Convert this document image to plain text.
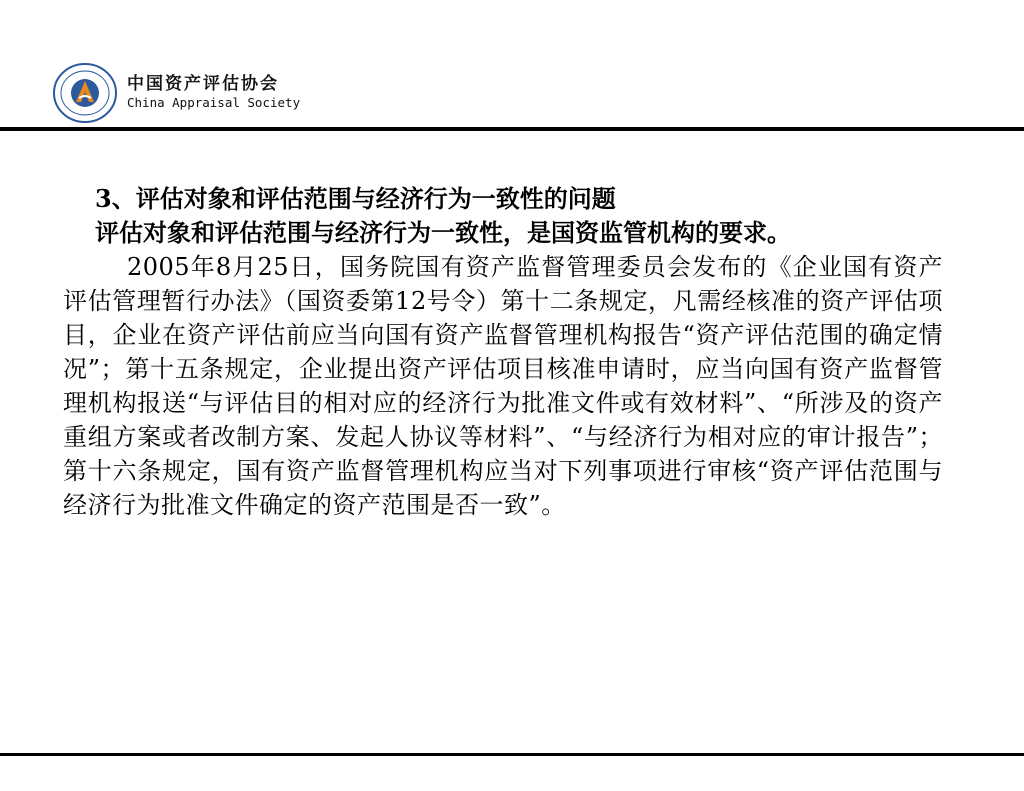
中国资产评估协会
China Appraisal Society

3、评估对象和评估范围与经济行为一致性的问题

评估对象和评估范围与经济行为一致性，是国资监管机构的要求。

2005年8月25日，国务院国有资产监督管理委员会发布的《企业国有资产评估管理暂行办法》（国资委第12号令）第十二条规定，凡需经核准的资产评估项目，企业在资产评估前应当向国有资产监督管理机构报告“资产评估范围的确定情况”；第十五条规定，企业提出资产评估项目核准申请时，应当向国有资产监督管理机构报送“与评估目的相对应的经济行为批准文件或有效材料”、“所涉及的资产重组方案或者改制方案、发起人协议等材料”、“与经济行为相对应的审计报告”；第十六条规定，国有资产监督管理机构应当对下列事项进行审核“资产评估范围与经济行为批准文件确定的资产范围是否一致”。
